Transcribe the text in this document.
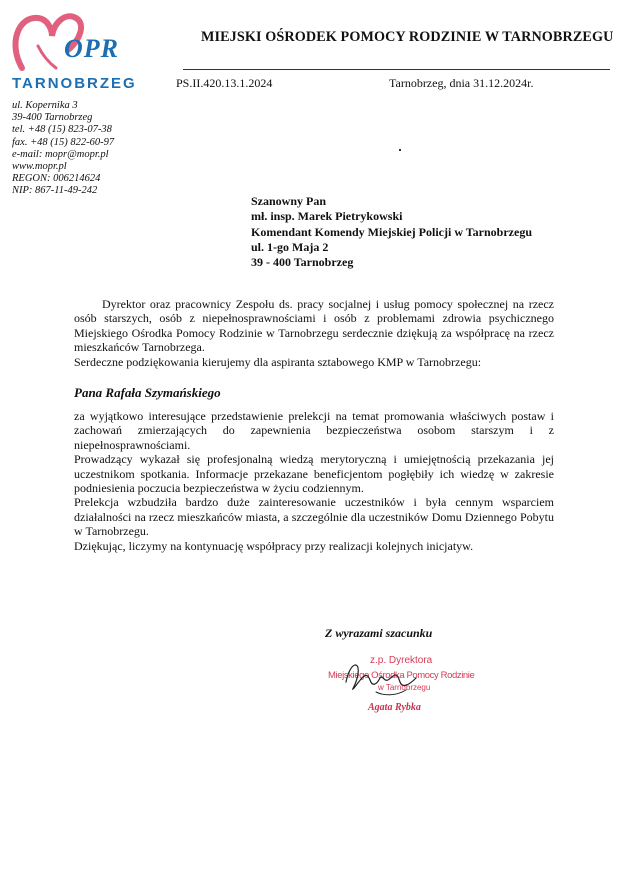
OPR
TARNOBRZEG
ul. Kopernika 3
39-400 Tarnobrzeg
tel. +48 (15) 823-07-38
fax. +48 (15) 822-60-97
e-mail: mopr@mopr.pl
www.mopr.pl
REGON: 006214624
NIP: 867-11-49-242
MIEJSKI OŚRODEK POMOCY RODZINIE W TARNOBRZEGU
PS.II.420.13.1.2024	Tarnobrzeg, dnia 31.12.2024r.
Szanowny Pan
mł. insp. Marek Pietrykowski
Komendant Komendy Miejskiej Policji w Tarnobrzegu
ul. 1-go Maja 2
39 - 400 Tarnobrzeg

Dyrektor oraz pracownicy Zespołu ds. pracy socjalnej i usług pomocy społecznej na rzecz osób starszych, osób z niepełnosprawnościami i osób z problemami zdrowia psychicznego Miejskiego Ośrodka Pomocy Rodzinie w Tarnobrzegu serdecznie dziękują za współpracę na rzecz mieszkańców Tarnobrzega.

Serdeczne podziękowania kierujemy dla aspiranta sztabowego KMP w Tarnobrzegu:

Pana Rafała Szymańskiego

za wyjątkowo interesujące przedstawienie prelekcji na temat promowania właściwych postaw i zachowań zmierzających do zapewnienia bezpieczeństwa osobom starszym i z niepełnosprawnościami.

Prowadzący wykazał się profesjonalną wiedzą merytoryczną i umiejętnością przekazania jej uczestnikom spotkania. Informacje przekazane beneficjentom pogłębiły ich wiedzę w zakresie podniesienia poczucia bezpieczeństwa w życiu codziennym.

Prelekcja wzbudziła bardzo duże zainteresowanie uczestników i była cennym wsparciem działalności na rzecz mieszkańców miasta, a szczególnie dla uczestników Domu Dziennego Pobytu w Tarnobrzegu.

Dziękując, liczymy na kontynuację współpracy przy realizacji kolejnych inicjatyw.

Z wyrazami szacunku
z.p. Dyrektora
Miejskiego Ośrodka Pomocy Rodzinie
w Tarnobrzegu
Agata Rybka
